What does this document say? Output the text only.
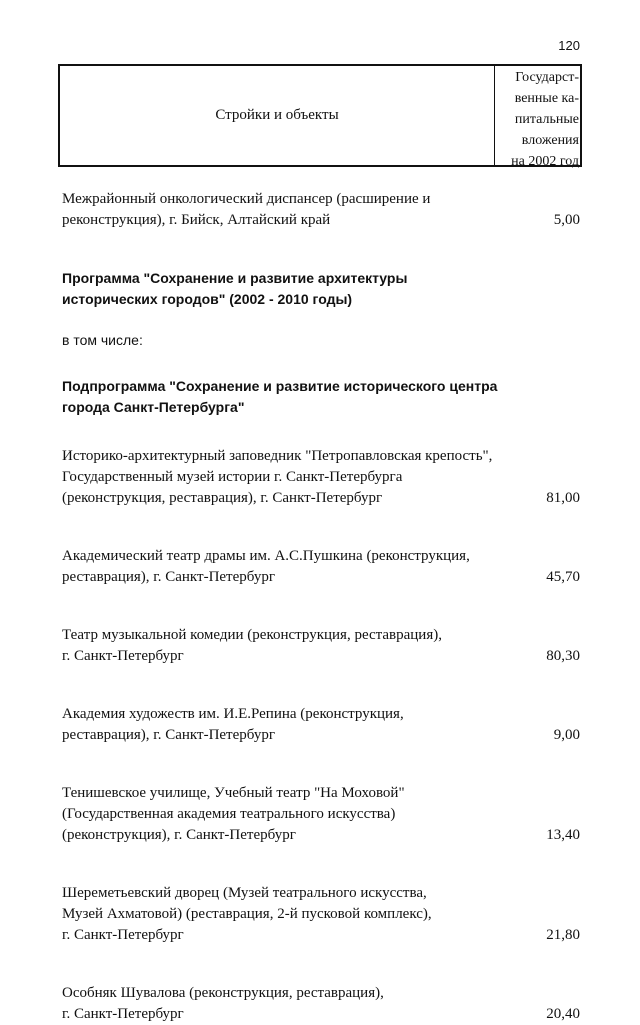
120
Стройки и объекты
Государст-
венные ка-
питальные
вложения
на 2002 год
Межрайонный онкологический диспансер (расширение и
реконструкция), г. Бийск, Алтайский край	5,00
Программа "Сохранение и развитие архитектуры
исторических городов" (2002 - 2010 годы)
в том числе:
Подпрограмма "Сохранение и развитие исторического центра
города Санкт-Петербурга"
Историко-архитектурный заповедник "Петропавловская крепость",
Государственный музей истории г. Санкт-Петербурга
(реконструкция, реставрация), г. Санкт-Петербург	81,00
Академический театр драмы им. А.С.Пушкина (реконструкция,
реставрация), г. Санкт-Петербург	45,70
Театр музыкальной комедии (реконструкция, реставрация),
г. Санкт-Петербург	80,30
Академия художеств им. И.Е.Репина (реконструкция,
реставрация), г. Санкт-Петербург	9,00
Тенишевское училище, Учебный театр "На Моховой"
(Государственная академия театрального искусства)
(реконструкция), г. Санкт-Петербург	13,40
Шереметьевский дворец (Музей театрального искусства,
Музей Ахматовой) (реставрация, 2-й пусковой комплекс),
г. Санкт-Петербург	21,80
Особняк Шувалова (реконструкция, реставрация),
г. Санкт-Петербург	20,40
